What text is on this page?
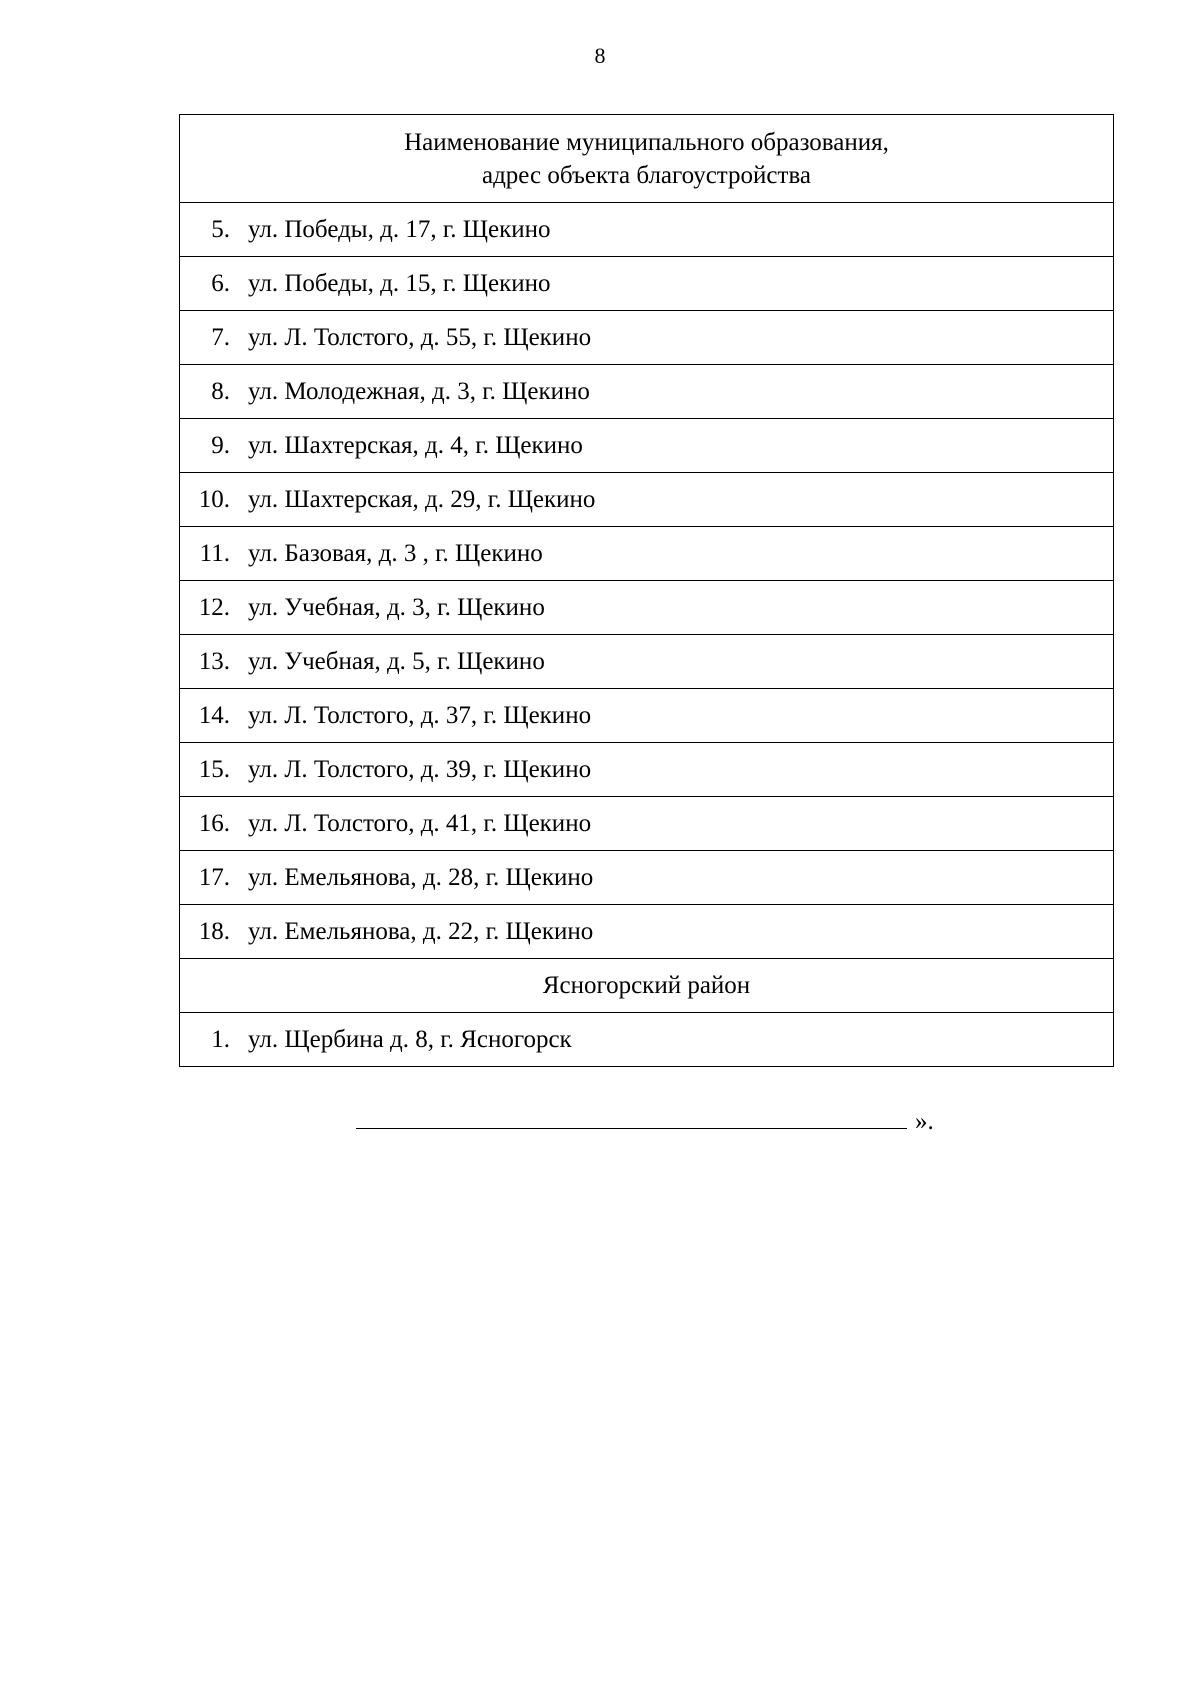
8
Наименование муниципального образования,
адрес объекта благоустройства

5. ул. Победы, д. 17, г. Щекино
6. ул. Победы, д. 15, г. Щекино
7. ул. Л. Толстого, д. 55, г. Щекино
8. ул. Молодежная, д. 3, г. Щекино
9. ул. Шахтерская, д. 4, г. Щекино
10. ул. Шахтерская, д. 29, г. Щекино
11. ул. Базовая, д. 3 , г. Щекино
12. ул. Учебная, д. 3, г. Щекино
13. ул. Учебная, д. 5, г. Щекино
14. ул. Л. Толстого, д. 37, г. Щекино
15. ул. Л. Толстого, д. 39, г. Щекино
16. ул. Л. Толстого, д. 41, г. Щекино
17. ул. Емельянова, д. 28, г. Щекино
18. ул. Емельянова, д. 22, г. Щекино
Ясногорский район
1. ул. Щербина д. 8, г. Ясногорск
».
